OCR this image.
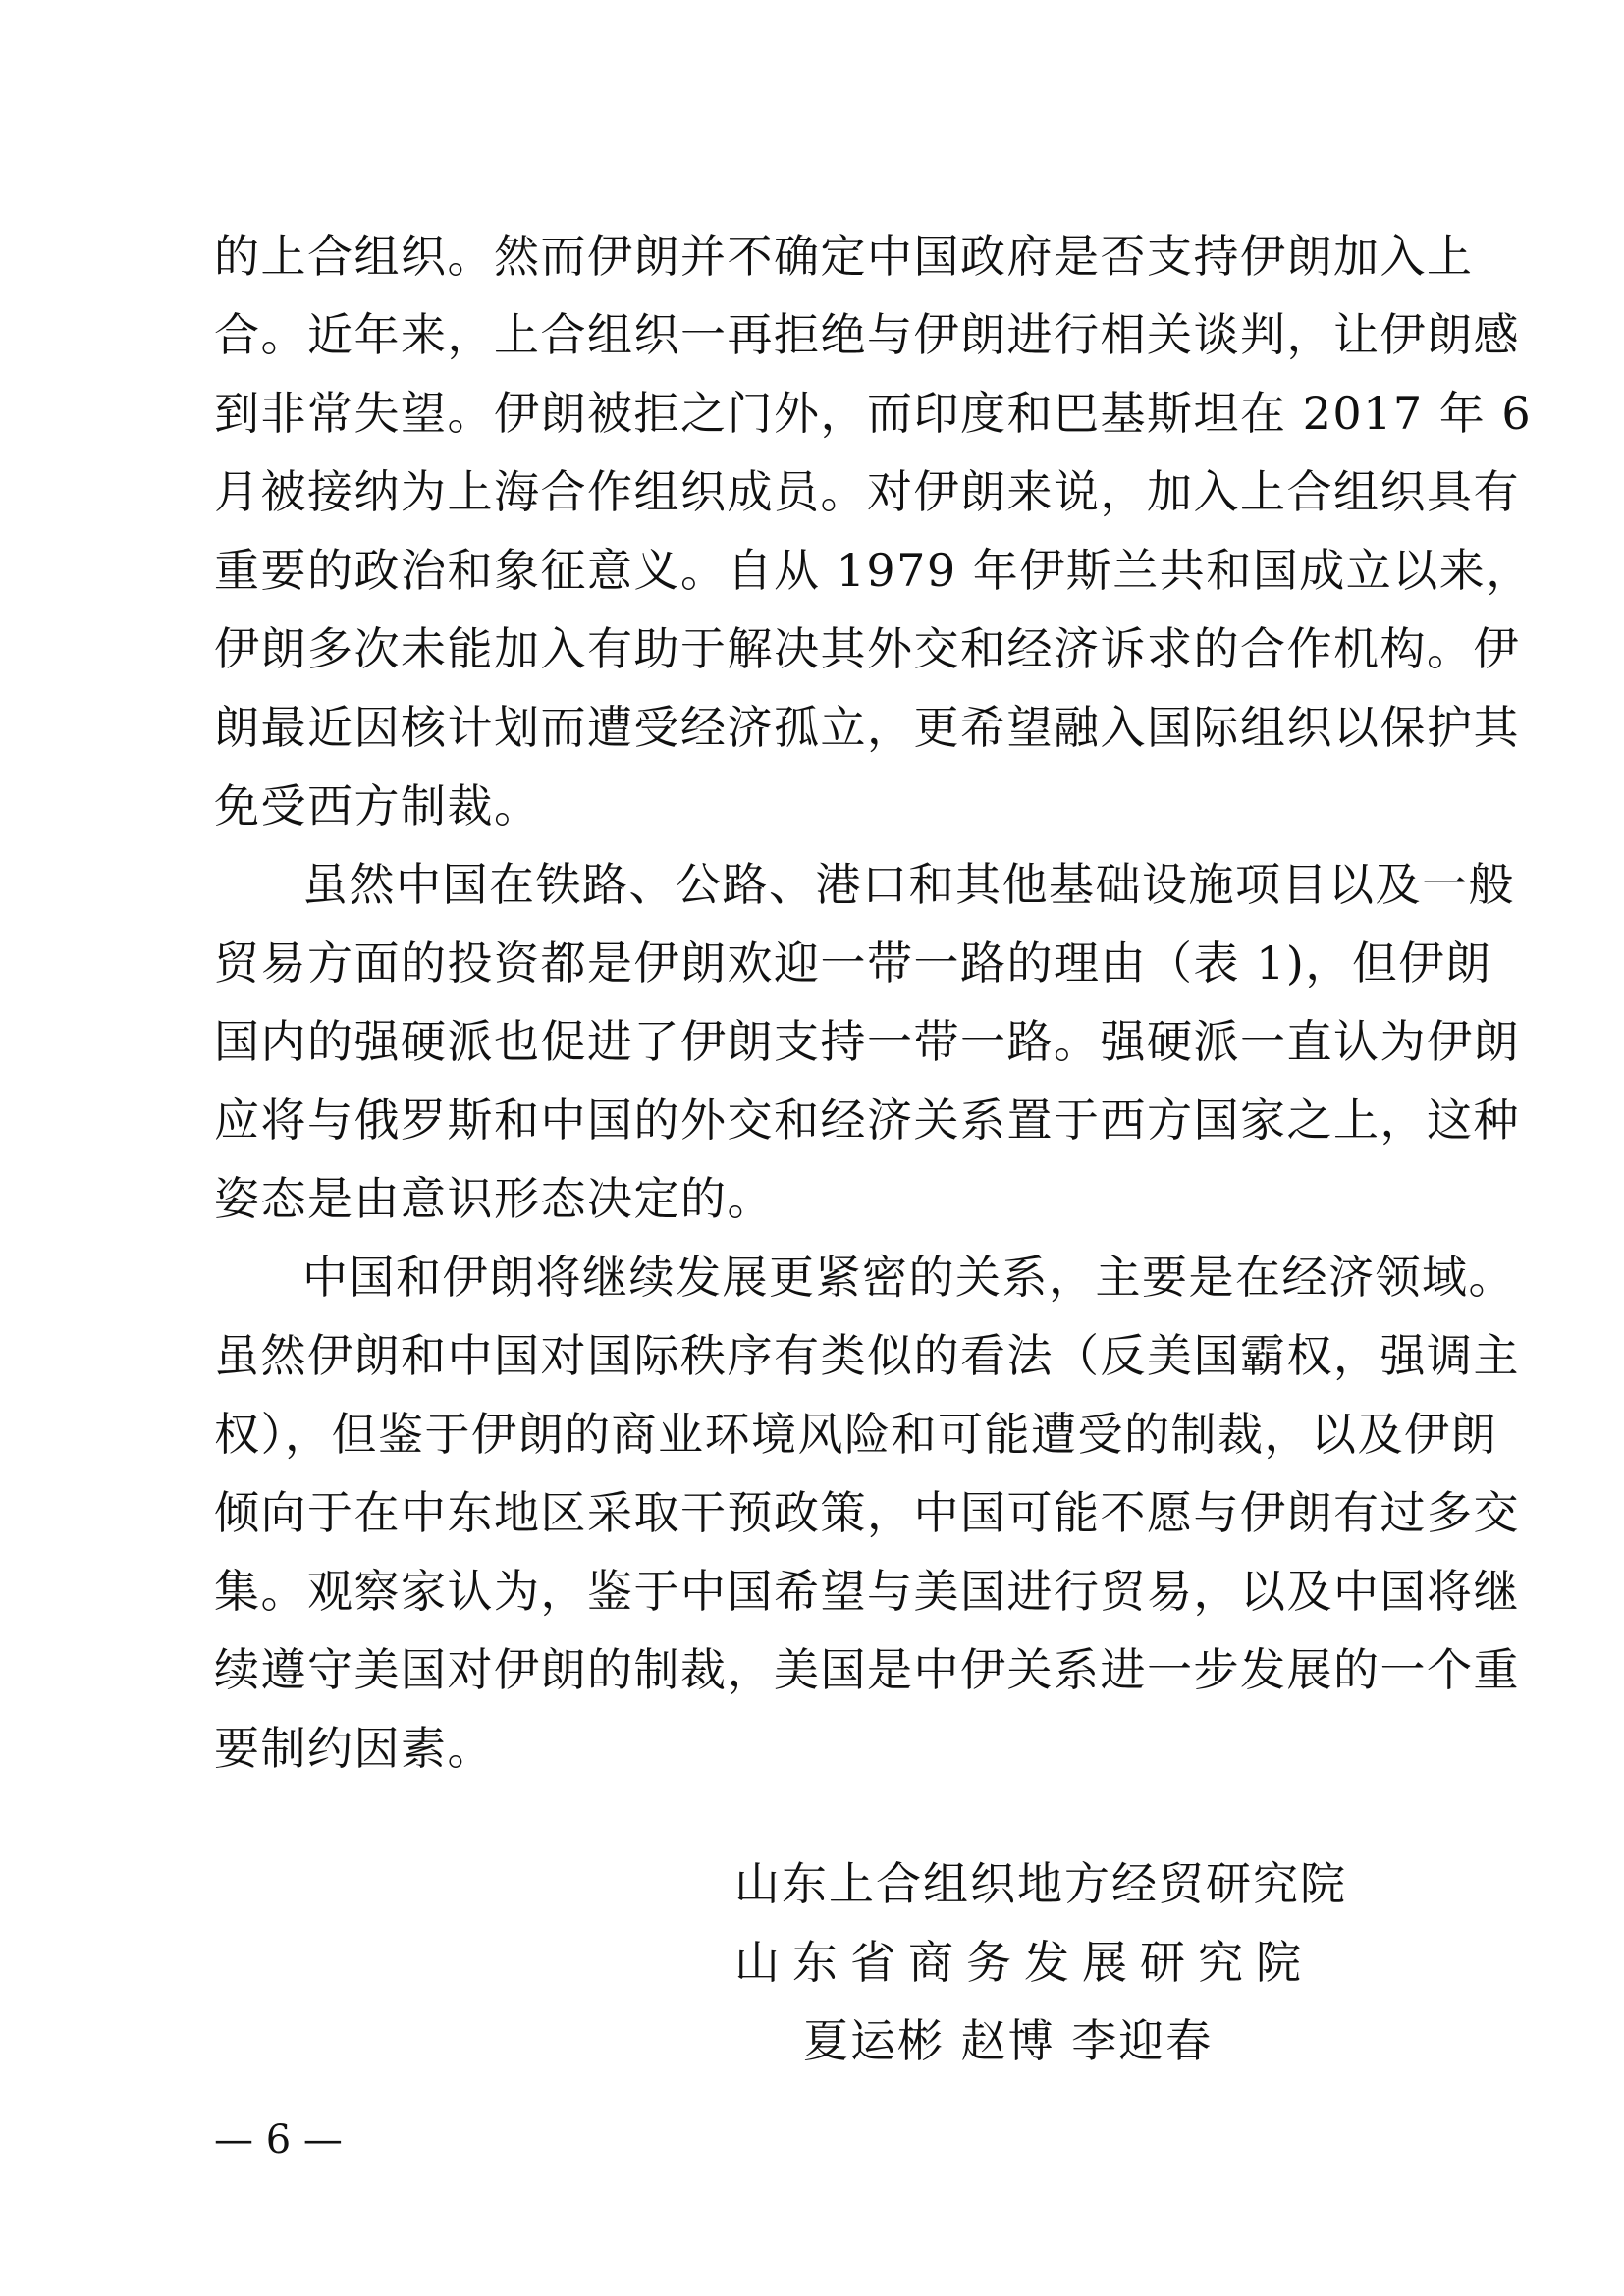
的上合组织。然而伊朗并不确定中国政府是否支持伊朗加入上
合。近年来，上合组织一再拒绝与伊朗进行相关谈判，让伊朗感
到非常失望。伊朗被拒之门外，而印度和巴基斯坦在 2017 年 6
月被接纳为上海合作组织成员。对伊朗来说，加入上合组织具有
重要的政治和象征意义。自从 1979 年伊斯兰共和国成立以来，
伊朗多次未能加入有助于解决其外交和经济诉求的合作机构。伊
朗最近因核计划而遭受经济孤立，更希望融入国际组织以保护其
免受西方制裁。
虽然中国在铁路、公路、港口和其他基础设施项目以及一般
贸易方面的投资都是伊朗欢迎一带一路的理由（表 1)，但伊朗
国内的强硬派也促进了伊朗支持一带一路。强硬派一直认为伊朗
应将与俄罗斯和中国的外交和经济关系置于西方国家之上，这种
姿态是由意识形态决定的。
中国和伊朗将继续发展更紧密的关系，主要是在经济领域。
虽然伊朗和中国对国际秩序有类似的看法（反美国霸权，强调主
权），但鉴于伊朗的商业环境风险和可能遭受的制裁，以及伊朗
倾向于在中东地区采取干预政策，中国可能不愿与伊朗有过多交
集。观察家认为，鉴于中国希望与美国进行贸易，以及中国将继
续遵守美国对伊朗的制裁，美国是中伊关系进一步发展的一个重
要制约因素。
山东上合组织地方经贸研究院
山东省商务发展研究院
夏运彬 赵博 李迎春
— 6 —
